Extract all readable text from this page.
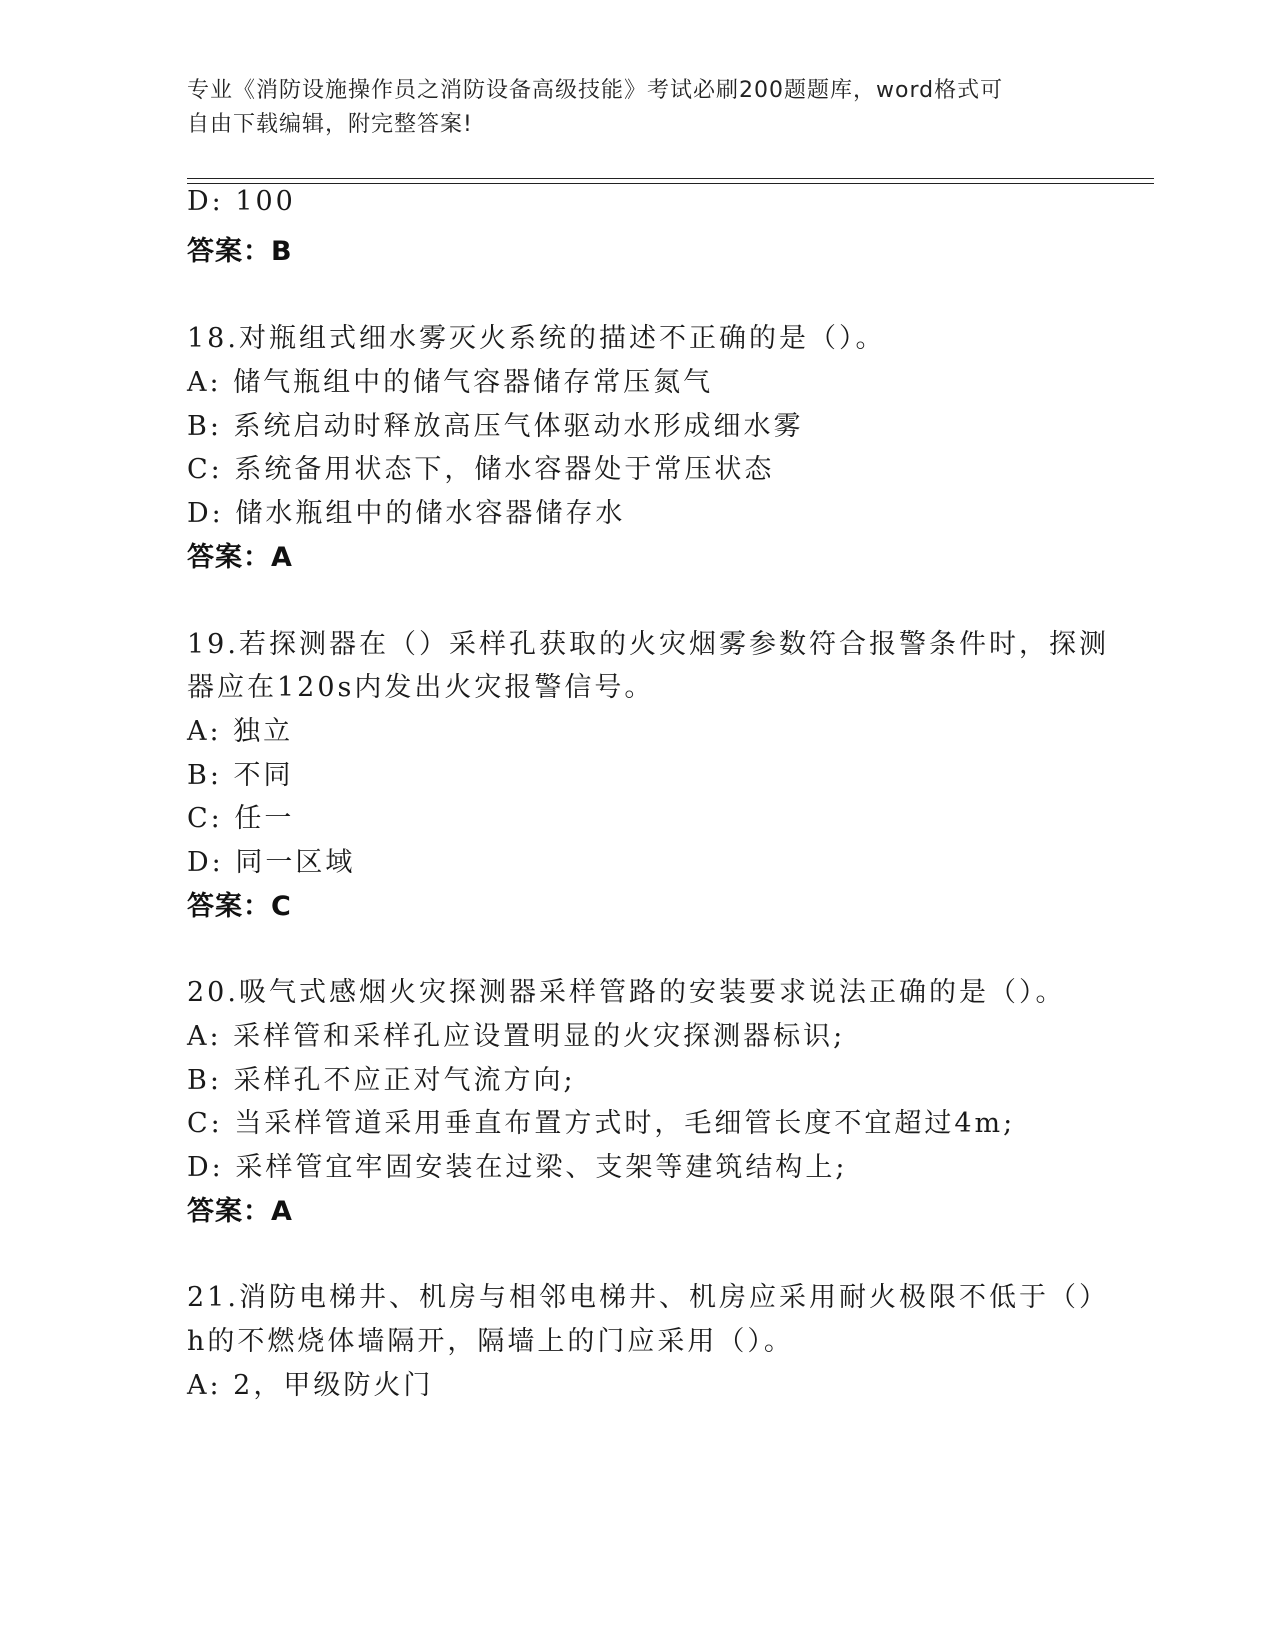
专业《消防设施操作员之消防设备高级技能》考试必刷200题题库，word格式可
自由下载编辑，附完整答案!
D: 100
答案：B
18.对瓶组式细水雾灭火系统的描述不正确的是（）。
A: 储气瓶组中的储气容器储存常压氮气
B: 系统启动时释放高压气体驱动水形成细水雾
C: 系统备用状态下，储水容器处于常压状态
D: 储水瓶组中的储水容器储存水
答案：A
19.若探测器在（）采样孔获取的火灾烟雾参数符合报警条件时，探测
器应在120s内发出火灾报警信号。
A: 独立
B: 不同
C: 任一
D: 同一区域
答案：C
20.吸气式感烟火灾探测器采样管路的安装要求说法正确的是（）。
A: 采样管和采样孔应设置明显的火灾探测器标识;
B: 采样孔不应正对气流方向;
C: 当采样管道采用垂直布置方式时，毛细管长度不宜超过4m;
D: 采样管宜牢固安装在过梁、支架等建筑结构上;
答案：A
21.消防电梯井、机房与相邻电梯井、机房应采用耐火极限不低于（）
h的不燃烧体墙隔开，隔墙上的门应采用（）。
A: 2，甲级防火门
